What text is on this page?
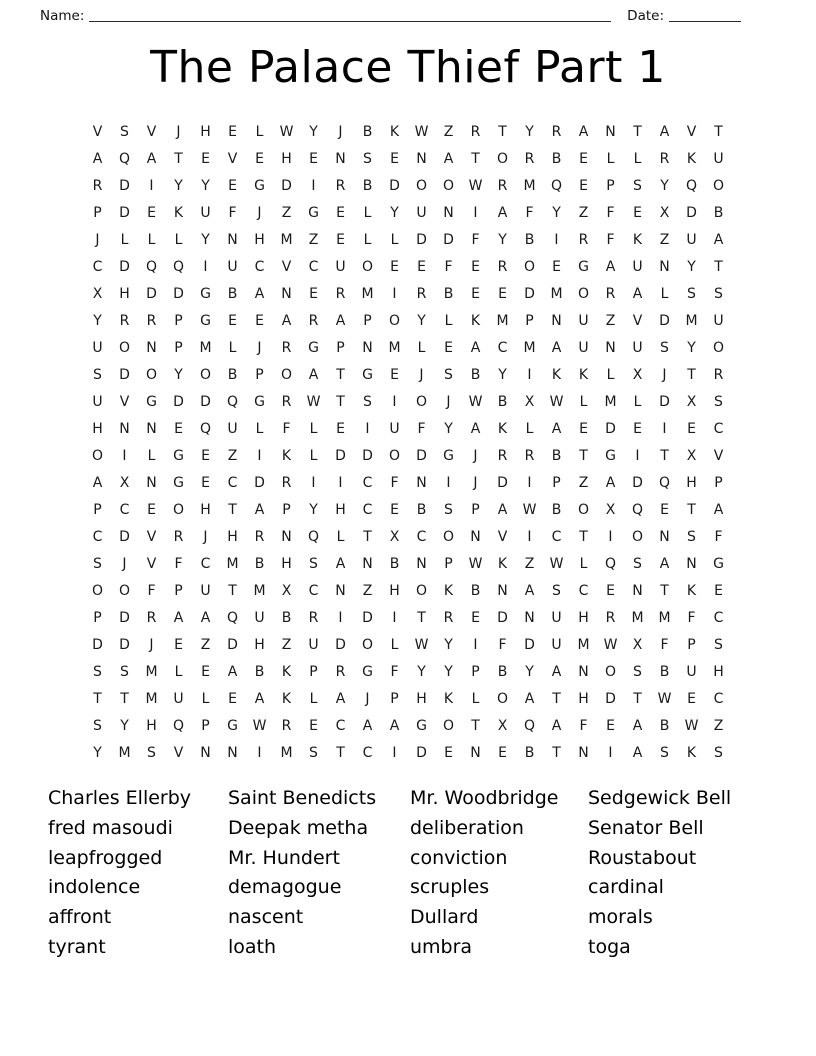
Name:	Date:
The Palace Thief Part 1
V	S	V	J	H	E	L	W	Y	J	B	K	W	Z	R	T	Y	R	A	N	T	A	V	T
A	Q	A	T	E	V	E	H	E	N	S	E	N	A	T	O	R	B	E	L	L	R	K	U
R	D	I	Y	Y	E	G	D	I	R	B	D	O	O	W	R	M	Q	E	P	S	Y	Q	O
P	D	E	K	U	F	J	Z	G	E	L	Y	U	N	I	A	F	Y	Z	F	E	X	D	B
J	L	L	L	Y	N	H	M	Z	E	L	L	D	D	F	Y	B	I	R	F	K	Z	U	A
C	D	Q	Q	I	U	C	V	C	U	O	E	E	F	E	R	O	E	G	A	U	N	Y	T
X	H	D	D	G	B	A	N	E	R	M	I	R	B	E	E	D	M	O	R	A	L	S	S
Y	R	R	P	G	E	E	A	R	A	P	O	Y	L	K	M	P	N	U	Z	V	D	M	U
U	O	N	P	M	L	J	R	G	P	N	M	L	E	A	C	M	A	U	N	U	S	Y	O
S	D	O	Y	O	B	P	O	A	T	G	E	J	S	B	Y	I	K	K	L	X	J	T	R
U	V	G	D	D	Q	G	R	W	T	S	I	O	J	W	B	X	W	L	M	L	D	X	S
H	N	N	E	Q	U	L	F	L	E	I	U	F	Y	A	K	L	A	E	D	E	I	E	C
O	I	L	G	E	Z	I	K	L	D	D	O	D	G	J	R	R	B	T	G	I	T	X	V
A	X	N	G	E	C	D	R	I	I	C	F	N	I	J	D	I	P	Z	A	D	Q	H	P
P	C	E	O	H	T	A	P	Y	H	C	E	B	S	P	A	W	B	O	X	Q	E	T	A
C	D	V	R	J	H	R	N	Q	L	T	X	C	O	N	V	I	C	T	I	O	N	S	F
S	J	V	F	C	M	B	H	S	A	N	B	N	P	W	K	Z	W	L	Q	S	A	N	G
O	O	F	P	U	T	M	X	C	N	Z	H	O	K	B	N	A	S	C	E	N	T	K	E
P	D	R	A	A	Q	U	B	R	I	D	I	T	R	E	D	N	U	H	R	M	M	F	C
D	D	J	E	Z	D	H	Z	U	D	O	L	W	Y	I	F	D	U	M	W	X	F	P	S
S	S	M	L	E	A	B	K	P	R	G	F	Y	Y	P	B	Y	A	N	O	S	B	U	H
T	T	M	U	L	E	A	K	L	A	J	P	H	K	L	O	A	T	H	D	T	W	E	C
S	Y	H	Q	P	G	W	R	E	C	A	A	G	O	T	X	Q	A	F	E	A	B	W	Z
Y	M	S	V	N	N	I	M	S	T	C	I	D	E	N	E	B	T	N	I	A	S	K	S
Charles Ellerby
fred masoudi
leapfrogged
indolence
affront
tyrant
Saint Benedicts
Deepak metha
Mr. Hundert
demagogue
nascent
loath
Mr. Woodbridge
deliberation
conviction
scruples
Dullard
umbra
Sedgewick Bell
Senator Bell
Roustabout
cardinal
morals
toga
